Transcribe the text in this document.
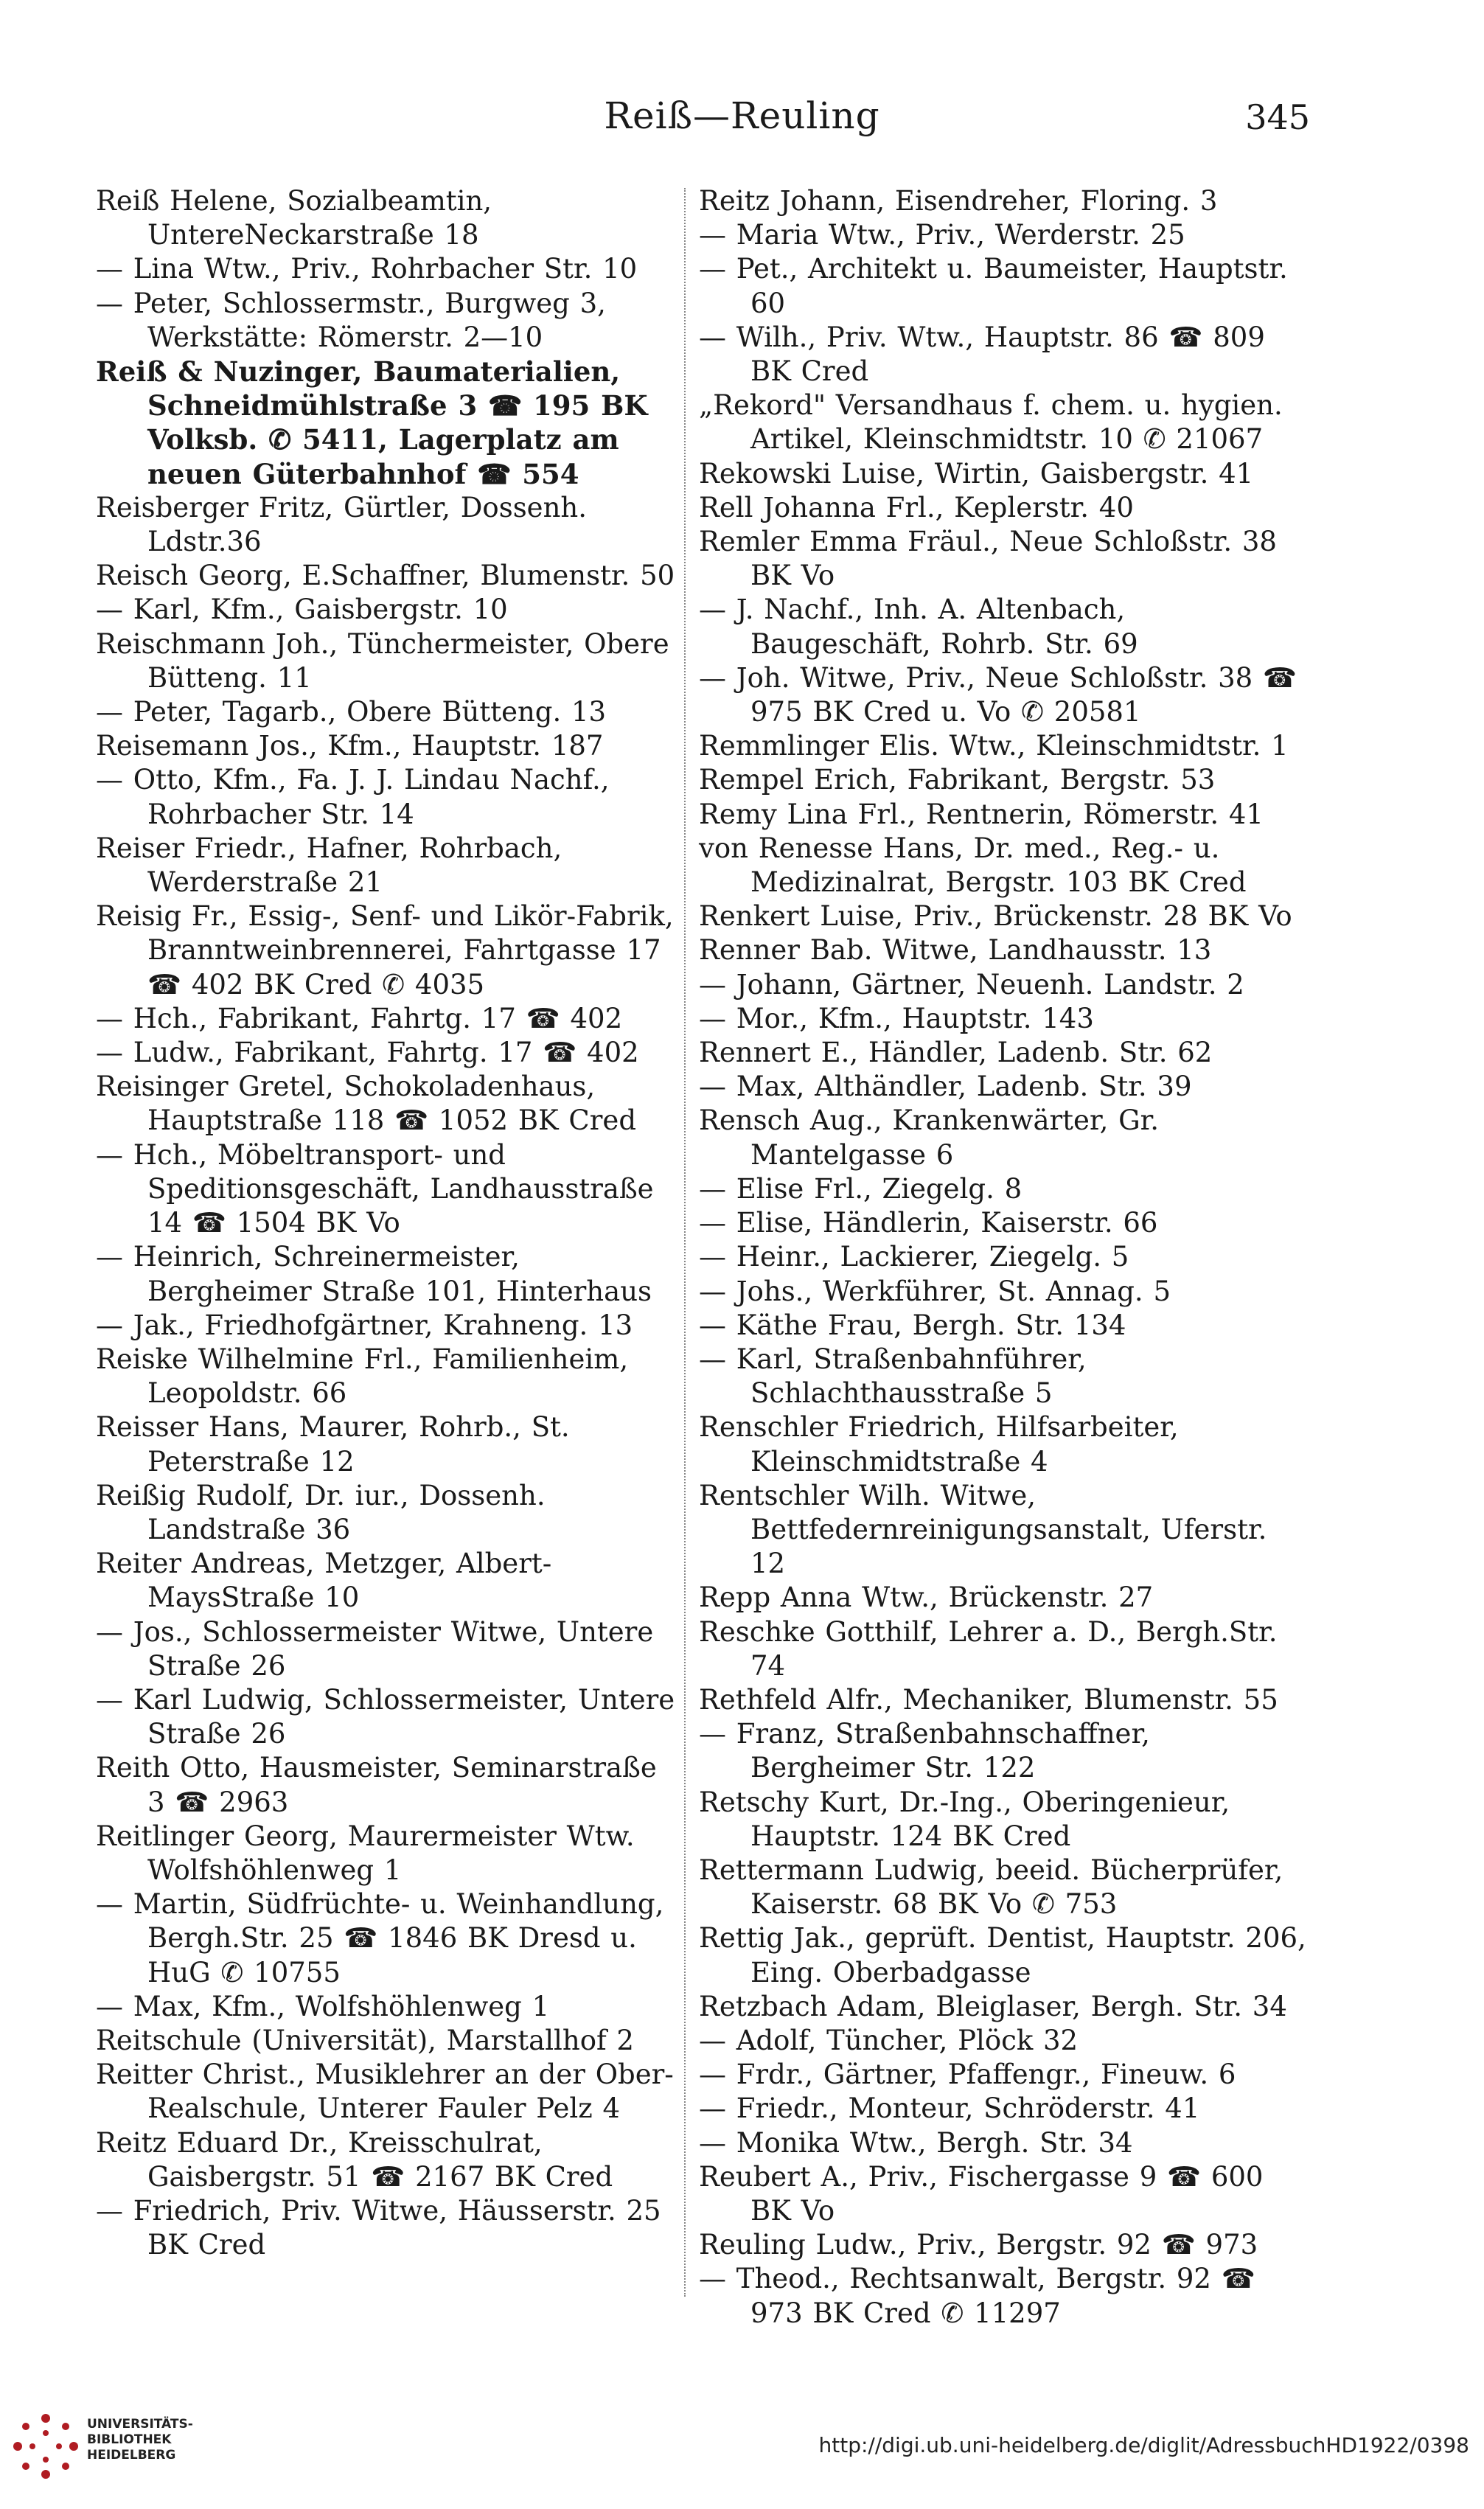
Reiß—Reuling	345
Reiß Helene, Sozialbeamtin, UntereNeckarstraße 18
— Lina Wtw., Priv., Rohrbacher Str. 10
— Peter, Schlossermstr., Burgweg 3, Werkstätte: Römerstr. 2—10
Reiß & Nuzinger, Baumaterialien, Schneidmühlstraße 3 ☎ 195 BK Volksb. ✆ 5411, Lagerplatz am neuen Güterbahnhof ☎ 554
Reisberger Fritz, Gürtler, Dossenh. Ldstr.36
Reisch Georg, E.Schaffner, Blumenstr. 50
— Karl, Kfm., Gaisbergstr. 10
Reischmann Joh., Tünchermeister, Obere Bütteng. 11
— Peter, Tagarb., Obere Bütteng. 13
Reisemann Jos., Kfm., Hauptstr. 187
— Otto, Kfm., Fa. J. J. Lindau Nachf., Rohrbacher Str. 14
Reiser Friedr., Hafner, Rohrbach, Werderstraße 21
Reisig Fr., Essig-, Senf- und Likör-Fabrik, Branntweinbrennerei, Fahrtgasse 17 ☎ 402 BK Cred ✆ 4035
— Hch., Fabrikant, Fahrtg. 17 ☎ 402
— Ludw., Fabrikant, Fahrtg. 17 ☎ 402
Reisinger Gretel, Schokoladenhaus, Hauptstraße 118 ☎ 1052 BK Cred
— Hch., Möbeltransport- und Speditionsgeschäft, Landhausstraße 14 ☎ 1504 BK Vo
— Heinrich, Schreinermeister, Bergheimer Straße 101, Hinterhaus
— Jak., Friedhofgärtner, Krahneng. 13
Reiske Wilhelmine Frl., Familienheim, Leopoldstr. 66
Reisser Hans, Maurer, Rohrb., St. Peterstraße 12
Reißig Rudolf, Dr. iur., Dossenh. Landstraße 36
Reiter Andreas, Metzger, Albert-MaysStraße 10
— Jos., Schlossermeister Witwe, Untere Straße 26
— Karl Ludwig, Schlossermeister, Untere Straße 26
Reith Otto, Hausmeister, Seminarstraße 3 ☎ 2963
Reitlinger Georg, Maurermeister Wtw. Wolfshöhlenweg 1
— Martin, Südfrüchte- u. Weinhandlung, Bergh.Str. 25 ☎ 1846 BK Dresd u. HuG ✆ 10755
— Max, Kfm., Wolfshöhlenweg 1
Reitschule (Universität), Marstallhof 2
Reitter Christ., Musiklehrer an der Ober-Realschule, Unterer Fauler Pelz 4
Reitz Eduard Dr., Kreisschulrat, Gaisbergstr. 51 ☎ 2167 BK Cred
— Friedrich, Priv. Witwe, Häusserstr. 25 BK Cred
Reitz Johann, Eisendreher, Floring. 3
— Maria Wtw., Priv., Werderstr. 25
— Pet., Architekt u. Baumeister, Hauptstr. 60
— Wilh., Priv. Wtw., Hauptstr. 86 ☎ 809 BK Cred
„Rekord" Versandhaus f. chem. u. hygien. Artikel, Kleinschmidtstr. 10 ✆ 21067
Rekowski Luise, Wirtin, Gaisbergstr. 41
Rell Johanna Frl., Keplerstr. 40
Remler Emma Fräul., Neue Schloßstr. 38 BK Vo
— J. Nachf., Inh. A. Altenbach, Baugeschäft, Rohrb. Str. 69
— Joh. Witwe, Priv., Neue Schloßstr. 38 ☎ 975 BK Cred u. Vo ✆ 20581
Remmlinger Elis. Wtw., Kleinschmidtstr. 1
Rempel Erich, Fabrikant, Bergstr. 53
Remy Lina Frl., Rentnerin, Römerstr. 41
von Renesse Hans, Dr. med., Reg.- u. Medizinalrat, Bergstr. 103 BK Cred
Renkert Luise, Priv., Brückenstr. 28 BK Vo
Renner Bab. Witwe, Landhausstr. 13
— Johann, Gärtner, Neuenh. Landstr. 2
— Mor., Kfm., Hauptstr. 143
Rennert E., Händler, Ladenb. Str. 62
— Max, Althändler, Ladenb. Str. 39
Rensch Aug., Krankenwärter, Gr. Mantelgasse 6
— Elise Frl., Ziegelg. 8
— Elise, Händlerin, Kaiserstr. 66
— Heinr., Lackierer, Ziegelg. 5
— Johs., Werkführer, St. Annag. 5
— Käthe Frau, Bergh. Str. 134
— Karl, Straßenbahnführer, Schlachthausstraße 5
Renschler Friedrich, Hilfsarbeiter, Kleinschmidtstraße 4
Rentschler Wilh. Witwe, Bettfedernreinigungsanstalt, Uferstr. 12
Repp Anna Wtw., Brückenstr. 27
Reschke Gotthilf, Lehrer a. D., Bergh.Str. 74
Rethfeld Alfr., Mechaniker, Blumenstr. 55
— Franz, Straßenbahnschaffner, Bergheimer Str. 122
Retschy Kurt, Dr.-Ing., Oberingenieur, Hauptstr. 124 BK Cred
Rettermann Ludwig, beeid. Bücherprüfer, Kaiserstr. 68 BK Vo ✆ 753
Rettig Jak., geprüft. Dentist, Hauptstr. 206, Eing. Oberbadgasse
Retzbach Adam, Bleiglaser, Bergh. Str. 34
— Adolf, Tüncher, Plöck 32
— Frdr., Gärtner, Pfaffengr., Fineuw. 6
— Friedr., Monteur, Schröderstr. 41
— Monika Wtw., Bergh. Str. 34
Reubert A., Priv., Fischergasse 9 ☎ 600 BK Vo
Reuling Ludw., Priv., Bergstr. 92 ☎ 973
— Theod., Rechtsanwalt, Bergstr. 92 ☎ 973 BK Cred ✆ 11297
UNIVERSITÄTS-
BIBLIOTHEK
HEIDELBERG	http://digi.ub.uni-heidelberg.de/diglit/AdressbuchHD1922/0398
